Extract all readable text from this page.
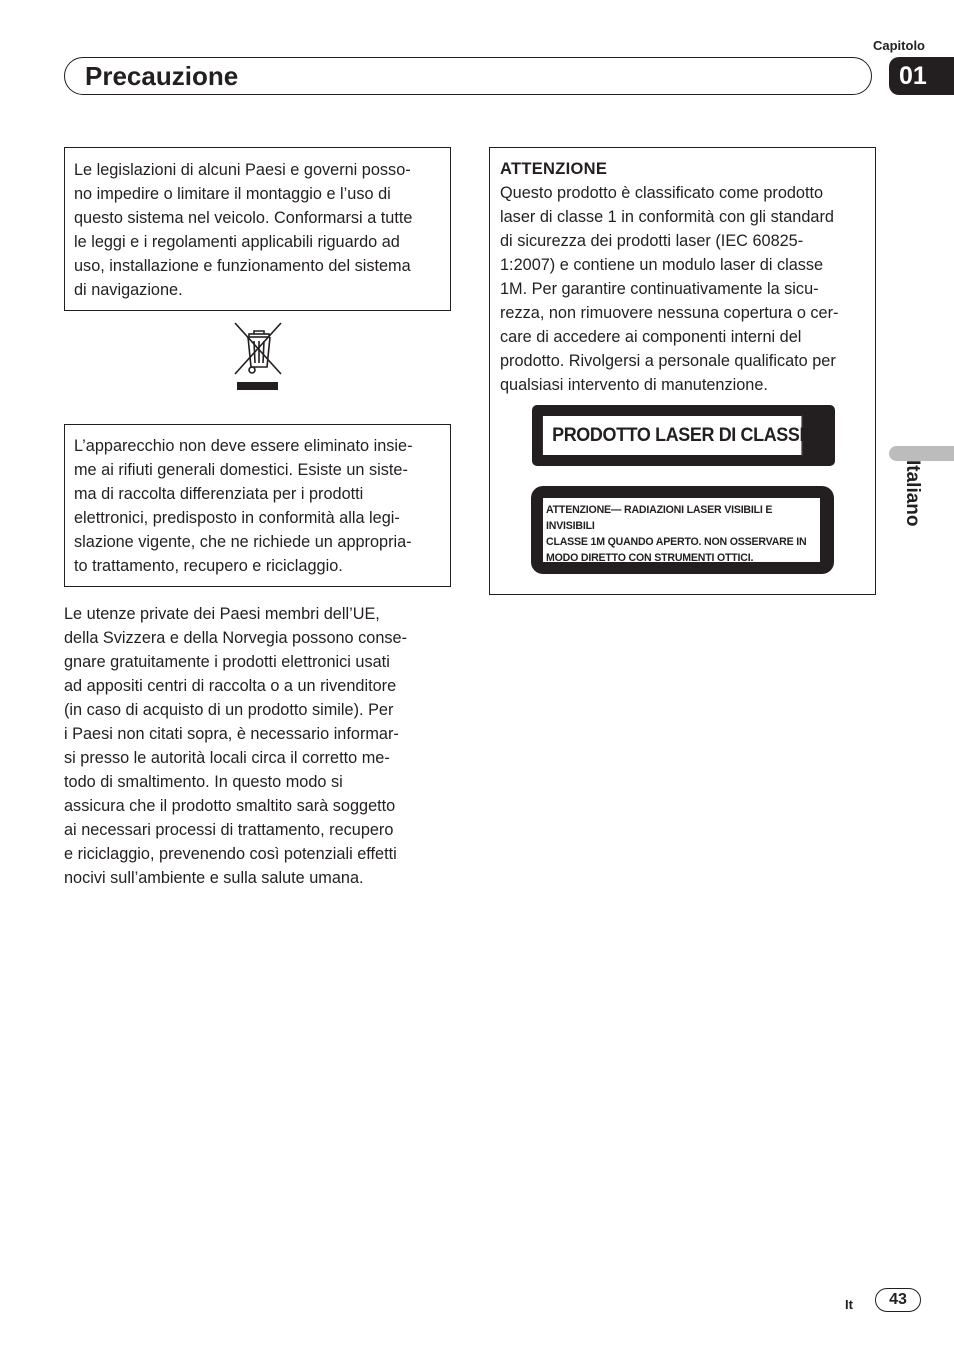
Capitolo
Precauzione	01
Italiano
Le legislazioni di alcuni Paesi e governi posso-
no impedire o limitare il montaggio e l’uso di
questo sistema nel veicolo. Conformarsi a tutte
le leggi e i regolamenti applicabili riguardo ad
uso, installazione e funzionamento del sistema
di navigazione.
L’apparecchio non deve essere eliminato insie-
me ai rifiuti generali domestici. Esiste un siste-
ma di raccolta differenziata per i prodotti
elettronici, predisposto in conformità alla legi-
slazione vigente, che ne richiede un appropria-
to trattamento, recupero e riciclaggio.
Le utenze private dei Paesi membri dell’UE,
della Svizzera e della Norvegia possono conse-
gnare gratuitamente i prodotti elettronici usati
ad appositi centri di raccolta o a un rivenditore
(in caso di acquisto di un prodotto simile). Per
i Paesi non citati sopra, è necessario informar-
si presso le autorità locali circa il corretto me-
todo di smaltimento. In questo modo si
assicura che il prodotto smaltito sarà soggetto
ai necessari processi di trattamento, recupero
e riciclaggio, prevenendo così potenziali effetti
nocivi sull’ambiente e sulla salute umana.
ATTENZIONE
Questo prodotto è classificato come prodotto
laser di classe 1 in conformità con gli standard
di sicurezza dei prodotti laser (IEC 60825-
1:2007) e contiene un modulo laser di classe
1M. Per garantire continuativamente la sicu-
rezza, non rimuovere nessuna copertura o cer-
care di accedere ai componenti interni del
prodotto. Rivolgersi a personale qualificato per
qualsiasi intervento di manutenzione.
PRODOTTO LASER DI CLASSE 1
ATTENZIONE— RADIAZIONI LASER VISIBILI E INVISIBILI
CLASSE 1M QUANDO APERTO. NON OSSERVARE IN
MODO DIRETTO CON STRUMENTI OTTICI.
It	43
